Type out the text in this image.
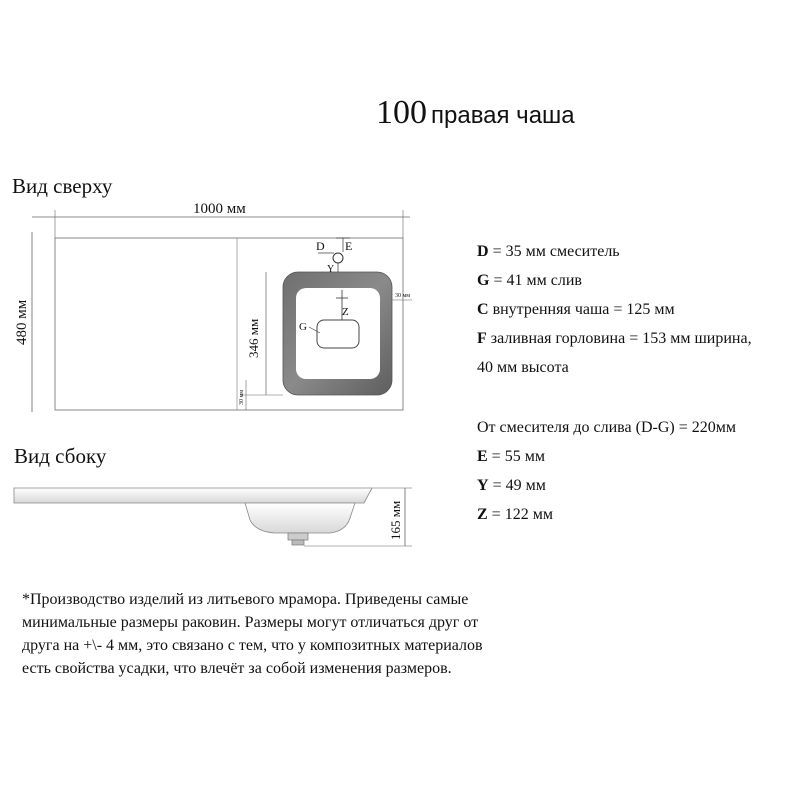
100 правая чаша
Вид сверху
Вид сбоку
1000 мм
480 мм	G
Z
D E
Y
346 мм
30 мм
30 мм
165 мм
D = 35 мм смеситель
G = 41 мм слив
C внутренняя чаша = 125 мм
F заливная горловина = 153 мм ширина,
40 мм высота
От смесителя до слива (D-G) = 220мм
E = 55 мм
Y = 49 мм
Z = 122 мм
*Производство изделий из литьевого мрамора. Приведены самые минимальные размеры раковин. Размеры могут отличаться друг от друга на +\- 4 мм, это связано с тем, что у композитных материалов есть свойства усадки, что влечёт за собой изменения размеров.
